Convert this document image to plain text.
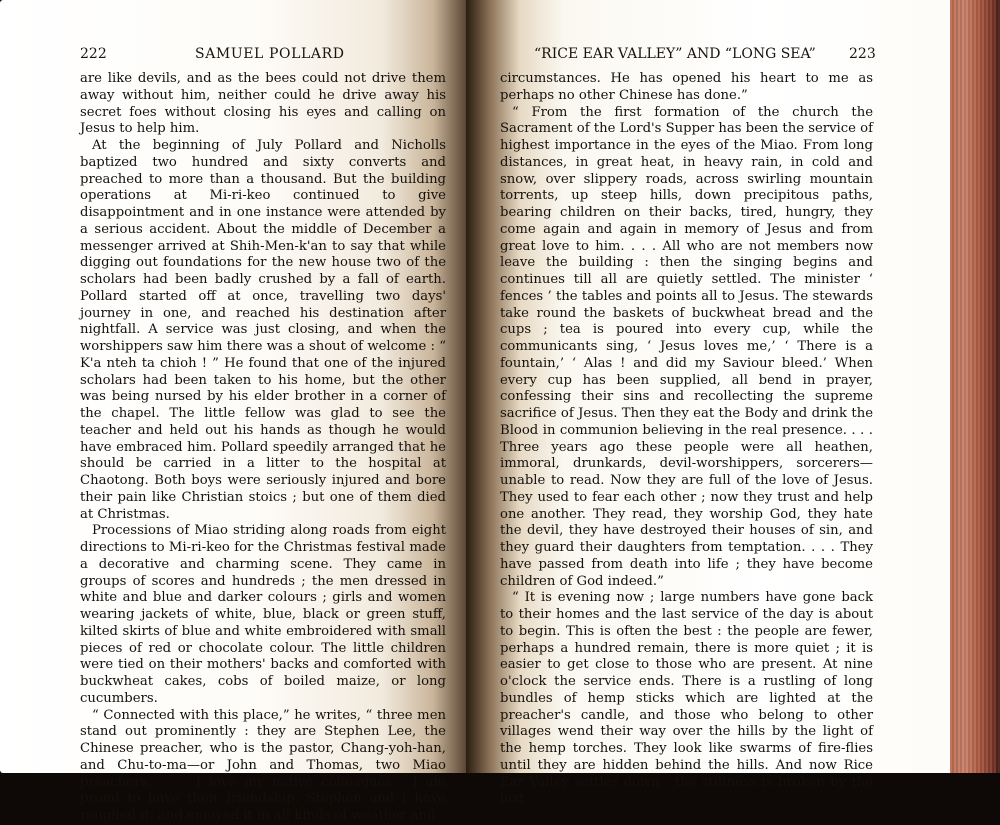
222	SAMUEL POLLARD	“RICE EAR VALLEY” AND “LONG SEA” 223

are like devils, and as the bees could not drive them away without him, neither could he drive away his secret foes without closing his eyes and calling on Jesus to help him.

At the beginning of July Pollard and Nicholls baptized two hundred and sixty converts and preached to more than a thousand. But the building operations at Mi-ri-keo continued to give disappointment and in one instance were attended by a serious accident. About the middle of December a messenger arrived at Shih-Men-k'an to say that while digging out foundations for the new house two of the scholars had been badly crushed by a fall of earth. Pollard started off at once, travelling two days' journey in one, and reached his destination after nightfall. A service was just closing, and when the worshippers saw him there was a shout of welcome : “ K'a nteh ta chioh ! ” He found that one of the injured scholars had been taken to his home, but the other was being nursed by his elder brother in a corner of the chapel. The little fellow was glad to see the teacher and held out his hands as though he would have embraced him. Pollard speedily arranged that he should be carried in a litter to the hospital at Chaotong. Both boys were seriously injured and bore their pain like Christian stoics ; but one of them died at Christmas.

Processions of Miao striding along roads from eight directions to Mi-ri-keo for the Christmas festival made a decorative and charming scene. They came in groups of scores and hundreds ; the men dressed in white and blue and darker colours ; girls and women wearing jackets of white, blue, black or green stuff, kilted skirts of blue and white embroidered with small pieces of red or chocolate colour. The little children were tied on their mothers' backs and comforted with buckwheat cakes, cobs of boiled maize, or long cucumbers.

“ Connected with this place,” he writes, “ three men stand out prominently : they are Stephen Lee, the Chinese preacher, who is the pastor, Chang-yoh-han, and Chu-to-ma—or John and Thomas, two Miao preachers. . . . I love my native colleagues ; I am proud to have their friendship. Stephen and I have roughed it, and enjoyed it in all kinds of weather and

circumstances. He has opened his heart to me as perhaps no other Chinese has done.”

“ From the first formation of the church the Sacrament of the Lord's Supper has been the service of highest importance in the eyes of the Miao. From long distances, in great heat, in heavy rain, in cold and snow, over slippery roads, across swirling mountain torrents, up steep hills, down precipitous paths, bearing children on their backs, tired, hungry, they come again and again in memory of Jesus and from great love to him. . . . All who are not members now leave the building : then the singing begins and continues till all are quietly settled. The minister ‘ fences ’ the tables and points all to Jesus. The stewards take round the baskets of buckwheat bread and the cups ; tea is poured into every cup, while the communicants sing, ‘ Jesus loves me,’ ‘ There is a fountain,’ ‘ Alas ! and did my Saviour bleed.’ When every cup has been supplied, all bend in prayer, confessing their sins and recollecting the supreme sacrifice of Jesus. Then they eat the Body and drink the Blood in communion believing in the real presence. . . . Three years ago these people were all heathen, immoral, drunkards, devil-worshippers, sorcerers—unable to read. Now they are full of the love of Jesus. They used to fear each other ; now they trust and help one another. They read, they worship God, they hate the devil, they have destroyed their houses of sin, and they guard their daughters from temptation. . . . They have passed from death into life ; they have become children of God indeed.”

“ It is evening now ; large numbers have gone back to their homes and the last service of the day is about to begin. This is often the best : the people are fewer, perhaps a hundred remain, there is more quiet ; it is easier to get close to those who are present. At nine o'clock the service ends. There is a rustling of long bundles of hemp sticks which are lighted at the preacher's candle, and those who belong to other villages wend their way over the hills by the light of the hemp torches. They look like swarms of fire-flies until they are hidden behind the hills. And now Rice Ear Valley settles down : the stillness is broken by the last
